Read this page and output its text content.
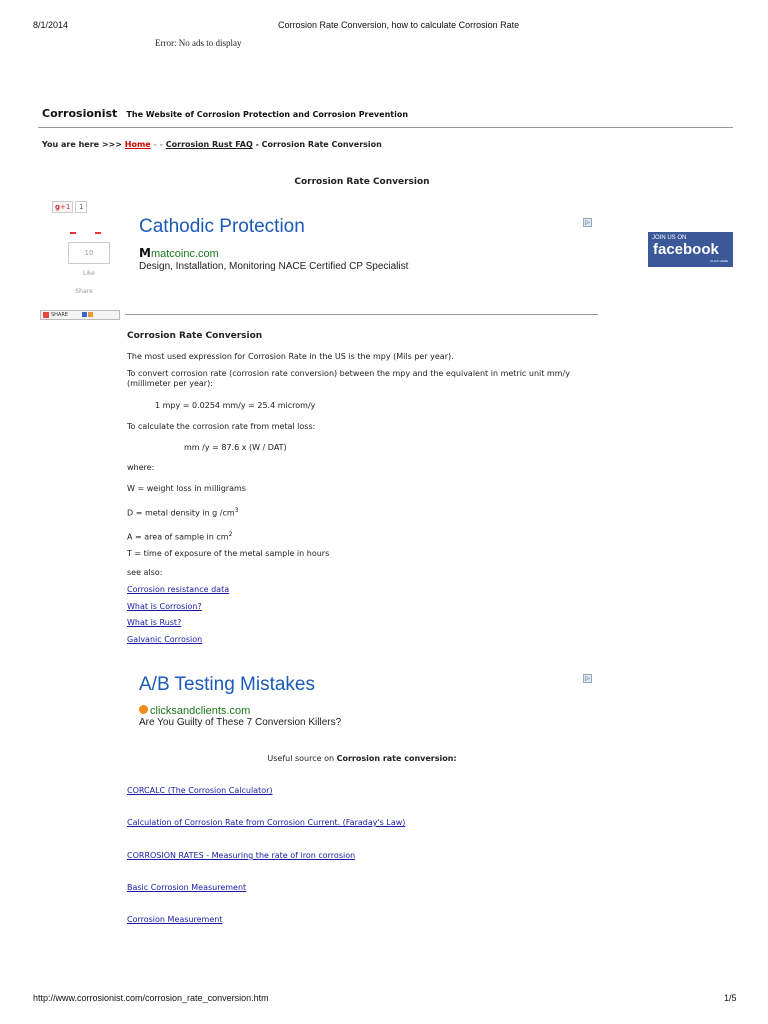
8/1/2014	Corrosion Rate Conversion, how to calculate Corrosion Rate
Error: No ads to display
Corrosionist The Website of Corrosion Protection and Corrosion Prevention
You are here >>> Home - - Corrosion Rust FAQ - Corrosion Rate Conversion
Corrosion Rate Conversion
g+1	1
10
Like
Share
SHARE
Cathodic Protection
Mmatcoinc.com
Design, Installation, Monitoring NACE Certified CP Specialist
▷
JOIN US ON
facebook
CLICK HERE
Corrosion Rate Conversion
The most used expression for Corrosion Rate in the US is the mpy (Mils per year).
To convert corrosion rate (corrosion rate conversion) between the mpy and the equivalent in metric unit mm/y
(millimeter per year):
1 mpy = 0.0254 mm/y = 25.4 microm/y
To calculate the corrosion rate from metal loss:
mm /y = 87.6 x (W / DAT)
where:
W = weight loss in milligrams
D = metal density in g $/cm^3$
A = area of sample in $cm^2$
T = time of exposure of the metal sample in hours
see also:
Corrosion resistance data
What is Corrosion?
What is Rust?
Galvanic Corrosion
A/B Testing Mistakes
clicksandclients.com
Are You Guilty of These 7 Conversion Killers?
▷
Useful source on Corrosion rate conversion:
CORCALC (The Corrosion Calculator)
Calculation of Corrosion Rate from Corrosion Current. (Faraday's Law)
CORROSION RATES - Measuring the rate of iron corrosion
Basic Corrosion Measurement
Corrosion Measurement
http://www.corrosionist.com/corrosion_rate_conversion.htm	1/5
